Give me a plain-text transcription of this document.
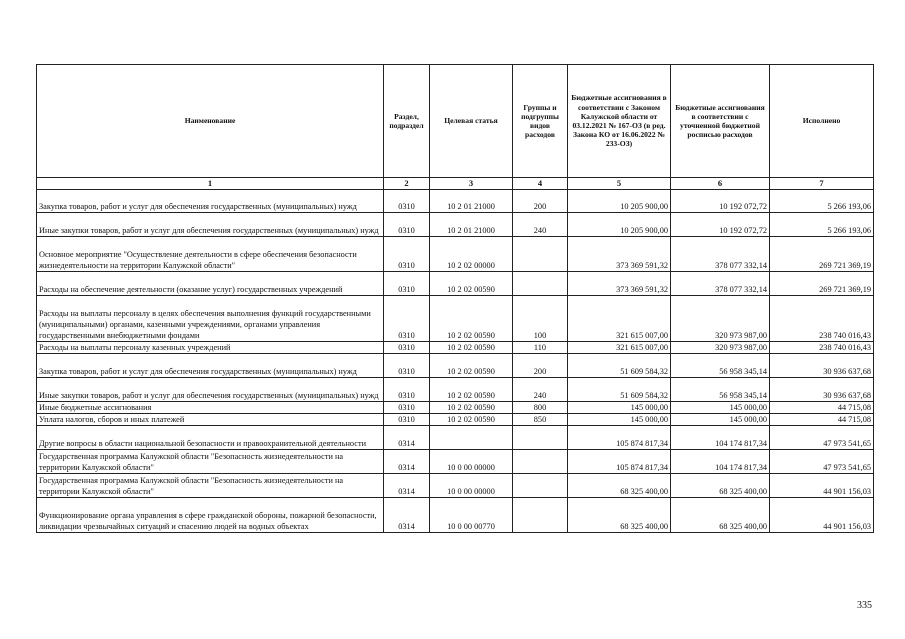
Наименование	Раздел, подраздел	Целевая статья	Группы и подгруппы видов расходов	Бюджетные ассигнования в соответствии с Законом Калужской области от 03.12.2021 № 167-ОЗ (в ред. Закона КО от 16.06.2022 № 233-ОЗ)	Бюджетные ассигнования в соответствии с уточненной бюджетной росписью расходов	Исполнено
1	2	3	4	5	6	7
Закупка товаров, работ и услуг для обеспечения государственных (муниципальных) нужд	0310	10 2 01 21000	200	10 205 900,00	10 192 072,72	5 266 193,06
Иные закупки товаров, работ и услуг для обеспечения государственных (муниципальных) нужд	0310	10 2 01 21000	240	10 205 900,00	10 192 072,72	5 266 193,06
Основное мероприятие "Осуществление деятельности в сфере обеспечения безопасности жизнедеятельности на территории Калужской области"	0310	10 2 02 00000		373 369 591,32	378 077 332,14	269 721 369,19
Расходы на обеспечение деятельности (оказание услуг) государственных учреждений	0310	10 2 02 00590		373 369 591,32	378 077 332,14	269 721 369,19
Расходы на выплаты персоналу в целях обеспечения выполнения функций государственными (муниципальными) органами, казенными учреждениями, органами управления государственными внебюджетными фондами	0310	10 2 02 00590	100	321 615 007,00	320 973 987,00	238 740 016,43
Расходы на выплаты персоналу казенных учреждений	0310	10 2 02 00590	110	321 615 007,00	320 973 987,00	238 740 016,43
Закупка товаров, работ и услуг для обеспечения государственных (муниципальных) нужд	0310	10 2 02 00590	200	51 609 584,32	56 958 345,14	30 936 637,68
Иные закупки товаров, работ и услуг для обеспечения государственных (муниципальных) нужд	0310	10 2 02 00590	240	51 609 584,32	56 958 345,14	30 936 637,68
Иные бюджетные ассигнования	0310	10 2 02 00590	800	145 000,00	145 000,00	44 715,08
Уплата налогов, сборов и иных платежей	0310	10 2 02 00590	850	145 000,00	145 000,00	44 715,08
Другие вопросы в области национальной безопасности и правоохранительной деятельности	0314			105 874 817,34	104 174 817,34	47 973 541,65
Государственная программа Калужской области "Безопасность жизнедеятельности на территории Калужской области"	0314	10 0 00 00000		105 874 817,34	104 174 817,34	47 973 541,65
Государственная программа Калужской области "Безопасность жизнедеятельности на территории Калужской области"	0314	10 0 00 00000		68 325 400,00	68 325 400,00	44 901 156,03
Функционирование органа управления в сфере гражданской обороны, пожарной безопасности, ликвидации чрезвычайных ситуаций и спасению людей на водных объектах	0314	10 0 00 00770		68 325 400,00	68 325 400,00	44 901 156,03
335
